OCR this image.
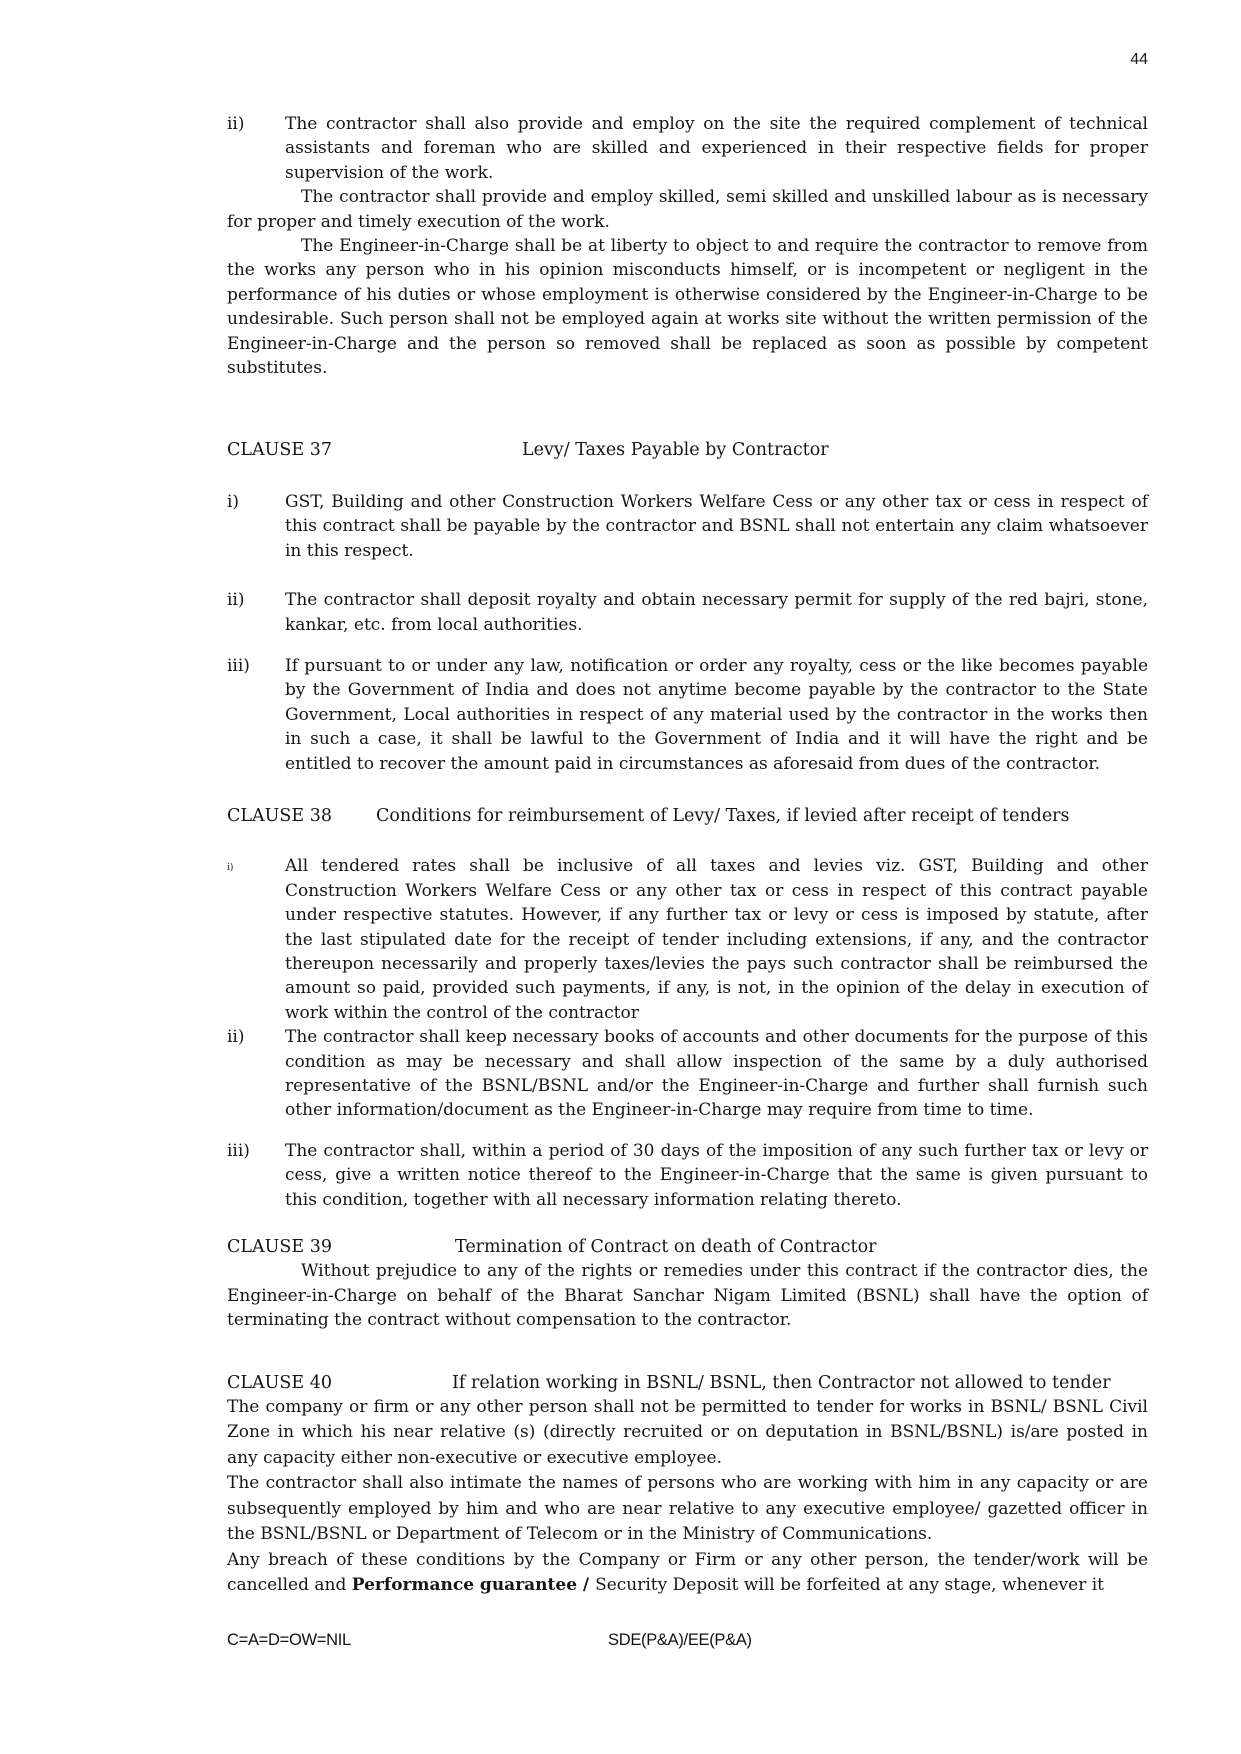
44
ii)	The contractor shall also provide and employ on the site the required complement of technical assistants and foreman who are skilled and experienced in their respective fields for proper supervision of the work.

The contractor shall provide and employ skilled, semi skilled and unskilled labour as is necessary for proper and timely execution of the work.

The Engineer-in-Charge shall be at liberty to object to and require the contractor to remove from the works any person who in his opinion misconducts himself, or is incompetent or negligent in the performance of his duties or whose employment is otherwise considered by the Engineer-in-Charge to be undesirable. Such person shall not be employed again at works site without the written permission of the Engineer-in-Charge and the person so removed shall be replaced as soon as possible by competent substitutes.

CLAUSE 37	Levy/ Taxes Payable by Contractor
i)	GST, Building and other Construction Workers Welfare Cess or any other tax or cess in respect of this contract shall be payable by the contractor and BSNL shall not entertain any claim whatsoever in this respect.
ii)	The contractor shall deposit royalty and obtain necessary permit for supply of the red bajri, stone, kankar, etc. from local authorities.
iii)	If pursuant to or under any law, notification or order any royalty, cess or the like becomes payable by the Government of India and does not anytime become payable by the contractor to the State Government, Local authorities in respect of any material used by the contractor in the works then in such a case, it shall be lawful to the Government of India and it will have the right and be entitled to recover the amount paid in circumstances as aforesaid from dues of the contractor.
CLAUSE 38	Conditions for reimbursement of Levy/ Taxes, if levied after receipt of tenders
i)	All tendered rates shall be inclusive of all taxes and levies viz. GST, Building and other Construction Workers Welfare Cess or any other tax or cess in respect of this contract payable under respective statutes. However, if any further tax or levy or cess is imposed by statute, after the last stipulated date for the receipt of tender including extensions, if any, and the contractor thereupon necessarily and properly taxes/levies the pays such contractor shall be reimbursed the amount so paid, provided such payments, if any, is not, in the opinion of the delay in execution of work within the control of the contractor
ii)	The contractor shall keep necessary books of accounts and other documents for the purpose of this condition as may be necessary and shall allow inspection of the same by a duly authorised representative of the BSNL/BSNL and/or the Engineer-in-Charge and further shall furnish such other information/document as the Engineer-in-Charge may require from time to time.
iii)	The contractor shall, within a period of 30 days of the imposition of any such further tax or levy or cess, give a written notice thereof to the Engineer-in-Charge that the same is given pursuant to this condition, together with all necessary information relating thereto.
CLAUSE 39	Termination of Contract on death of Contractor

Without prejudice to any of the rights or remedies under this contract if the contractor dies, the Engineer-in-Charge on behalf of the Bharat Sanchar Nigam Limited (BSNL) shall have the option of terminating the contract without compensation to the contractor.

CLAUSE 40	If relation working in BSNL/ BSNL, then Contractor not allowed to tender

The company or firm or any other person shall not be permitted to tender for works in BSNL/ BSNL Civil Zone in which his near relative (s) (directly recruited or on deputation in BSNL/BSNL) is/are posted in any capacity either non-executive or executive employee.

The contractor shall also intimate the names of persons who are working with him in any capacity or are subsequently employed by him and who are near relative to any executive employee/ gazetted officer in the BSNL/BSNL or Department of Telecom or in the Ministry of Communications.

Any breach of these conditions by the Company or Firm or any other person, the tender/work will be cancelled and Performance guarantee / Security Deposit will be forfeited at any stage, whenever it

C=A=D=OW=NIL	SDE(P&A)/EE(P&A)
